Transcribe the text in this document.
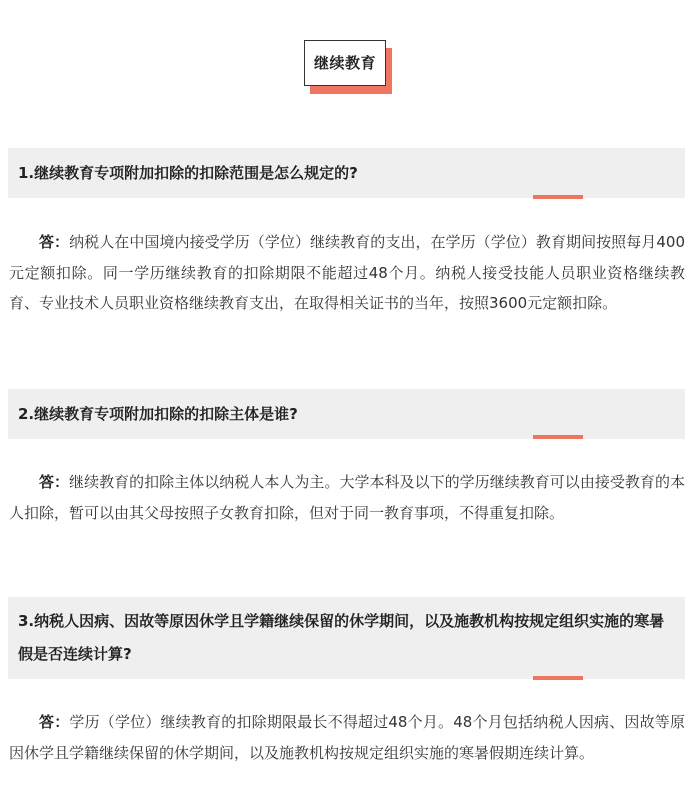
继续教育
1.继续教育专项附加扣除的扣除范围是怎么规定的?
答：纳税人在中国境内接受学历（学位）继续教育的支出，在学历（学位）教育期间按照每月400元定额扣除。同一学历继续教育的扣除期限不能超过48个月。纳税人接受技能人员职业资格继续教育、专业技术人员职业资格继续教育支出，在取得相关证书的当年，按照3600元定额扣除。
2.继续教育专项附加扣除的扣除主体是谁?
答：继续教育的扣除主体以纳税人本人为主。大学本科及以下的学历继续教育可以由接受教育的本人扣除，暂可以由其父母按照子女教育扣除，但对于同一教育事项，不得重复扣除。
3.纳税人因病、因故等原因休学且学籍继续保留的休学期间，以及施教机构按规定组织实施的寒暑假是否连续计算?
答：学历（学位）继续教育的扣除期限最长不得超过48个月。48个月包括纳税人因病、因故等原因休学且学籍继续保留的休学期间，以及施教机构按规定组织实施的寒暑假期连续计算。
